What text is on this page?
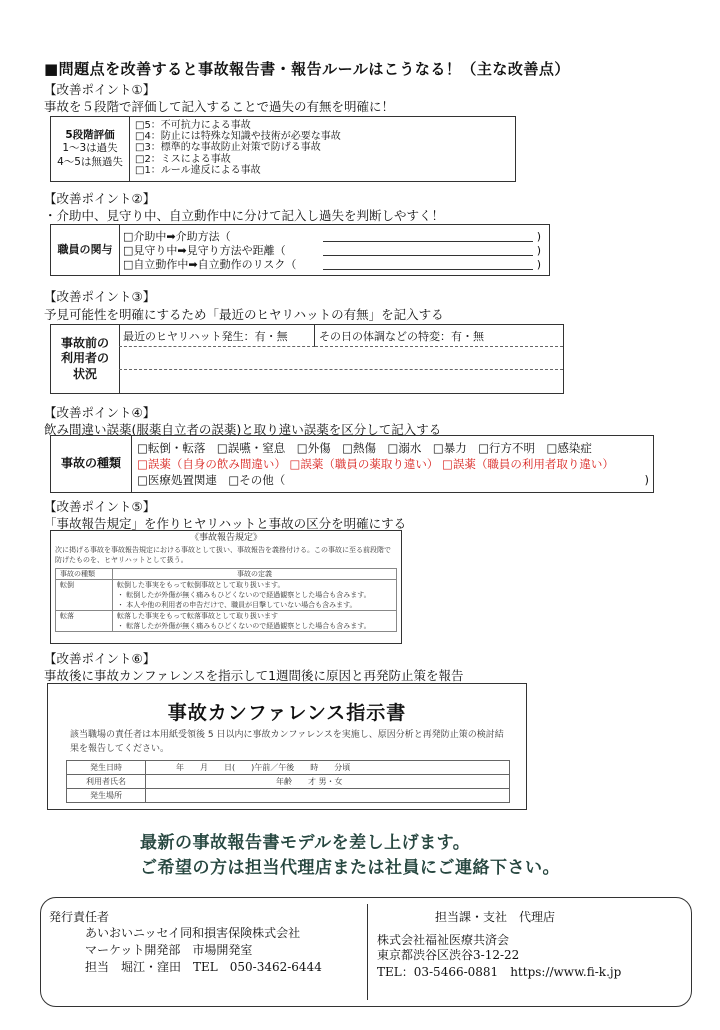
■問題点を改善すると事故報告書・報告ルールはこうなる！（主な改善点）
【改善ポイント①】
事故を５段階で評価して記入することで過失の有無を明確に！
5段階評価
1～3は過失
4～5は無過失
□5：不可抗力による事故
□4：防止には特殊な知識や技術が必要な事故
□3：標準的な事故防止対策で防げる事故
□2：ミスによる事故
□1：ルール違反による事故
【改善ポイント②】
・介助中、見守り中、自立動作中に分けて記入し過失を判断しやすく！
職員の関与
□介助中➡介助方法（	)
□見守り中➡見守り方法や距離（	)
□自立動作中➡自立動作のリスク（	)
【改善ポイント③】
予見可能性を明確にするため「最近のヒヤリハットの有無」を記入する
事故前の
利用者の
状況
最近のヒヤリハット発生：有・無	その日の体調などの特変：有・無
【改善ポイント④】
飲み間違い誤薬(服薬自立者の誤薬)と取り違い誤薬を区分して記入する
事故の種類
□転倒・転落　□誤嚥・窒息　□外傷　□熱傷　□溺水　□暴力　□行方不明　□感染症
□誤薬（自身の飲み間違い） □誤薬（職員の薬取り違い） □誤薬（職員の利用者取り違い）
□医療処置関連　□その他（	)
【改善ポイント⑤】
「事故報告規定」を作りヒヤリハットと事故の区分を明確にする
《事故報告規定》
次に掲げる事故を事故報告規定における事故として扱い、事故報告を義務付ける。この事故に至る前段階で防げたものを、ヒヤリハットとして扱う。
事故の種類	事故の定義
転倒	転倒した事実をもって転倒事故として取り扱います。
・ 転倒したが外傷が無く痛みもひどくないので経過観察とした場合も含みます。
・ 本人や他の利用者の申告だけで、職員が目撃していない場合も含みます。

転落	転落した事実をもって転落事故として取り扱います
・ 転落したが外傷が無く痛みもひどくないので経過観察とした場合も含みます。
【改善ポイント⑥】
事故後に事故カンファレンスを指示して1週間後に原因と再発防止策を報告
事故カンファレンス指示書
該当職場の責任者は本用紙受領後 5 日以内に事故カンファレンスを実施し、原因分析と再発防止策の検討結果を報告してください。
発生日時	年　　月　　日(　　)午前／午後　　時　　分頃
利用者氏名	年齢　　才 男・女
発生場所	
最新の事故報告書モデルを差し上げます。
ご希望の方は担当代理店または社員にご連絡下さい。
発行責任者
あいおいニッセイ同和損害保険株式会社
マーケット開発部　市場開発室
担当　堀江・窪田　TEL　050-3462-6444
担当課・支社　代理店
株式会社福祉医療共済会
東京都渋谷区渋谷3-12-22
TEL：03-5466-0881　https://www.fi-k.jp
